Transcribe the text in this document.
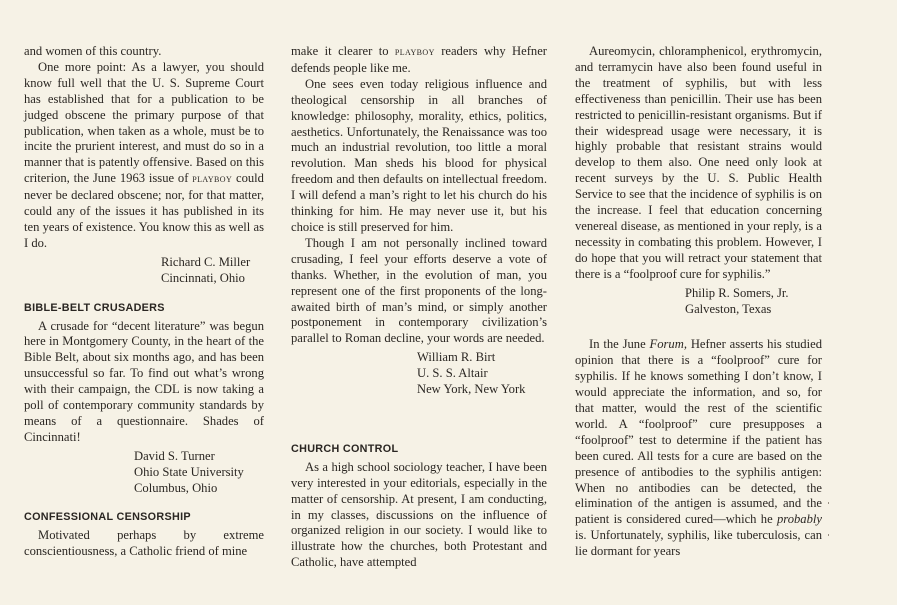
and women of this country.

One more point: As a lawyer, you should know full well that the U. S. Supreme Court has established that for a publication to be judged obscene the primary purpose of that publication, when taken as a whole, must be to incite the prurient interest, and must do so in a manner that is patently offensive. Based on this criterion, the June 1963 issue of playboy could never be declared obscene; nor, for that matter, could any of the issues it has published in its ten years of existence. You know this as well as I do.

Richard C. Miller
Cincinnati, Ohio
BIBLE-BELT CRUSADERS

A crusade for “decent literature” was begun here in Montgomery County, in the heart of the Bible Belt, about six months ago, and has been unsuccessful so far. To find out what’s wrong with their campaign, the CDL is now taking a poll of contemporary community standards by means of a questionnaire. Shades of Cincinnati!

David S. Turner
Ohio State University
Columbus, Ohio
CONFESSIONAL CENSORSHIP

Motivated perhaps by extreme conscientiousness, a Catholic friend of mine

make it clearer to playboy readers why Hefner defends people like me.

One sees even today religious influence and theological censorship in all branches of knowledge: philosophy, morality, ethics, politics, aesthetics. Unfortunately, the Renaissance was too much an industrial revolution, too little a moral revolution. Man sheds his blood for physical freedom and then defaults on intellectual freedom. I will defend a man’s right to let his church do his thinking for him. He may never use it, but his choice is still preserved for him.

Though I am not personally inclined toward crusading, I feel your efforts deserve a vote of thanks. Whether, in the evolution of man, you represent one of the first proponents of the long-awaited birth of man’s mind, or simply another postponement in contemporary civilization’s parallel to Roman decline, your words are needed.

William R. Birt
U. S. S. Altair
New York, New York
CHURCH CONTROL

As a high school sociology teacher, I have been very interested in your editorials, especially in the matter of censorship. At present, I am conducting, in my classes, discussions on the influence of organized religion in our society. I would like to illustrate how the churches, both Protestant and Catholic, have attempted

Aureomycin, chloramphenicol, erythromycin, and terramycin have also been found useful in the treatment of syphilis, but with less effectiveness than penicillin. Their use has been restricted to penicillin-resistant organisms. But if their widespread usage were necessary, it is highly probable that resistant strains would develop to them also. One need only look at recent surveys by the U. S. Public Health Service to see that the incidence of syphilis is on the increase. I feel that education concerning venereal disease, as mentioned in your reply, is a necessity in combating this problem. However, I do hope that you will retract your statement that there is a “foolproof cure for syphilis.”

Philip R. Somers, Jr.
Galveston, Texas

In the June Forum, Hefner asserts his studied opinion that there is a “foolproof” cure for syphilis. If he knows something I don’t know, I would appreciate the information, and so, for that matter, would the rest of the scientific world. A “foolproof” cure presupposes a “foolproof” test to determine if the patient has been cured. All tests for a cure are based on the presence of antibodies to the syphilis antigen: When no antibodies can be detected, the elimination of the antigen is assumed, and the patient is considered cured—which he probably is. Unfortunately, syphilis, like tuberculosis, can lie dormant for years
